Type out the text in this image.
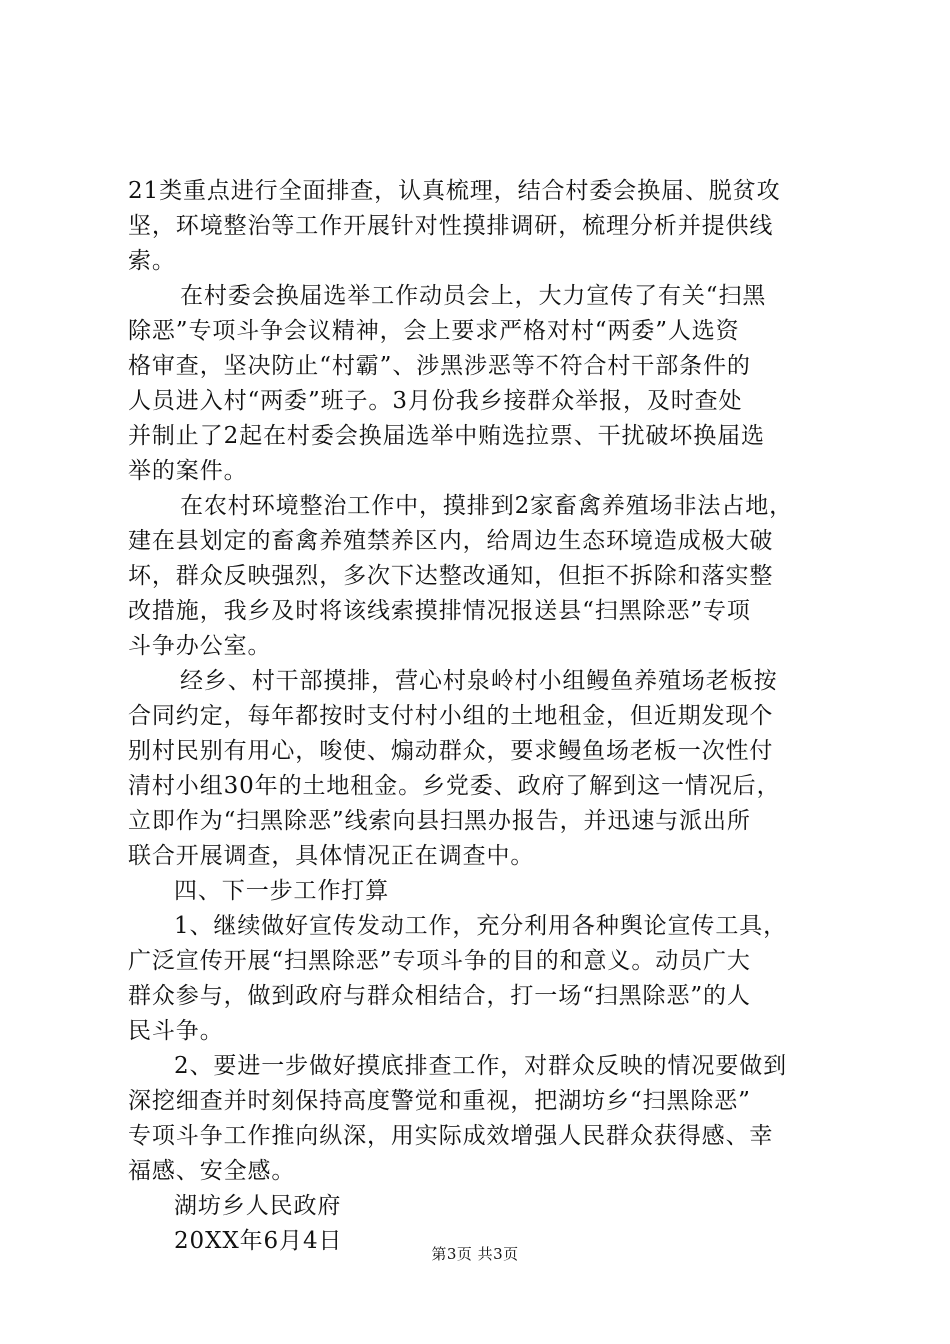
21类重点进行全面排查，认真梳理，结合村委会换届、脱贫攻
坚，环境整治等工作开展针对性摸排调研，梳理分析并提供线
索。
在村委会换届选举工作动员会上，大力宣传了有关“扫黑
除恶”专项斗争会议精神，会上要求严格对村“两委”人选资
格审查，坚决防止“村霸”、涉黑涉恶等不符合村干部条件的
人员进入村“两委”班子。3月份我乡接群众举报，及时查处
并制止了2起在村委会换届选举中贿选拉票、干扰破坏换届选
举的案件。
在农村环境整治工作中，摸排到2家畜禽养殖场非法占地，
建在县划定的畜禽养殖禁养区内，给周边生态环境造成极大破
坏，群众反映强烈，多次下达整改通知，但拒不拆除和落实整
改措施，我乡及时将该线索摸排情况报送县“扫黑除恶”专项
斗争办公室。
经乡、村干部摸排，营心村泉岭村小组鳗鱼养殖场老板按
合同约定，每年都按时支付村小组的土地租金，但近期发现个
别村民别有用心，唆使、煽动群众，要求鳗鱼场老板一次性付
清村小组30年的土地租金。乡党委、政府了解到这一情况后，
立即作为“扫黑除恶”线索向县扫黑办报告，并迅速与派出所
联合开展调查，具体情况正在调查中。
四、下一步工作打算
1、继续做好宣传发动工作，充分利用各种舆论宣传工具，
广泛宣传开展“扫黑除恶”专项斗争的目的和意义。动员广大
群众参与，做到政府与群众相结合，打一场“扫黑除恶”的人
民斗争。
2、要进一步做好摸底排查工作，对群众反映的情况要做到
深挖细查并时刻保持高度警觉和重视，把湖坊乡“扫黑除恶”
专项斗争工作推向纵深，用实际成效增强人民群众获得感、幸
福感、安全感。
湖坊乡人民政府
20XX年6月4日	第3页 共3页
